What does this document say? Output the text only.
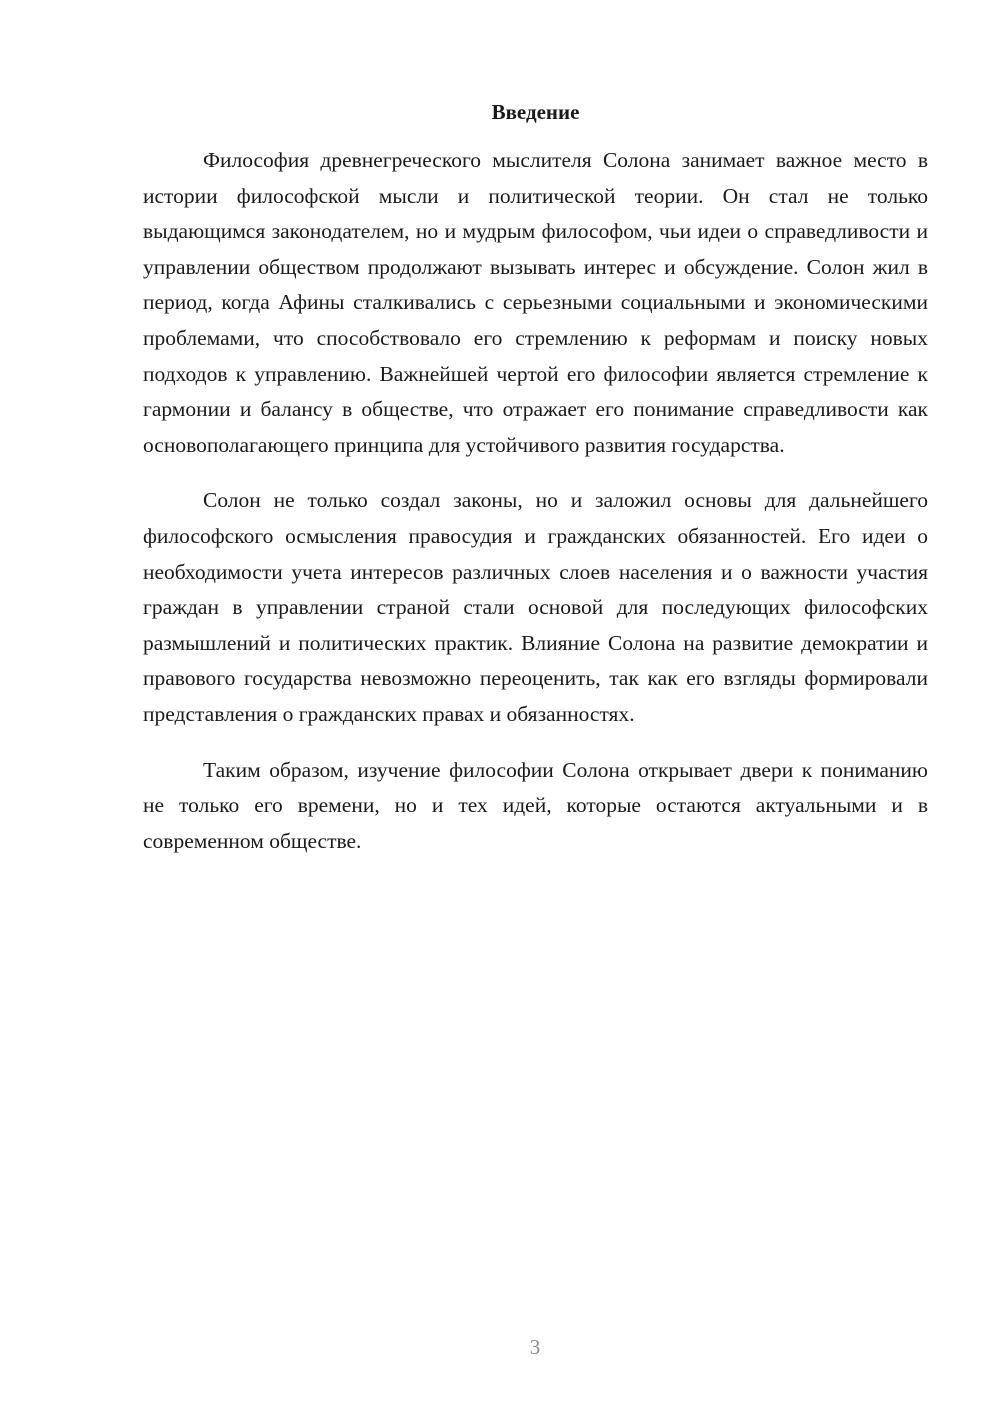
Введение

Философия древнегреческого мыслителя Солона занимает важное место в истории философской мысли и политической теории. Он стал не только выдающимся законодателем, но и мудрым философом, чьи идеи о справедливости и управлении обществом продолжают вызывать интерес и обсуждение. Солон жил в период, когда Афины сталкивались с серьезными социальными и экономическими проблемами, что способствовало его стремлению к реформам и поиску новых подходов к управлению. Важнейшей чертой его философии является стремление к гармонии и балансу в обществе, что отражает его понимание справедливости как основополагающего принципа для устойчивого развития государства.

Солон не только создал законы, но и заложил основы для дальнейшего философского осмысления правосудия и гражданских обязанностей. Его идеи о необходимости учета интересов различных слоев населения и о важности участия граждан в управлении страной стали основой для последующих философских размышлений и политических практик. Влияние Солона на развитие демократии и правового государства невозможно переоценить, так как его взгляды формировали представления о гражданских правах и обязанностях.

Таким образом, изучение философии Солона открывает двери к пониманию не только его времени, но и тех идей, которые остаются актуальными и в современном обществе.

3
